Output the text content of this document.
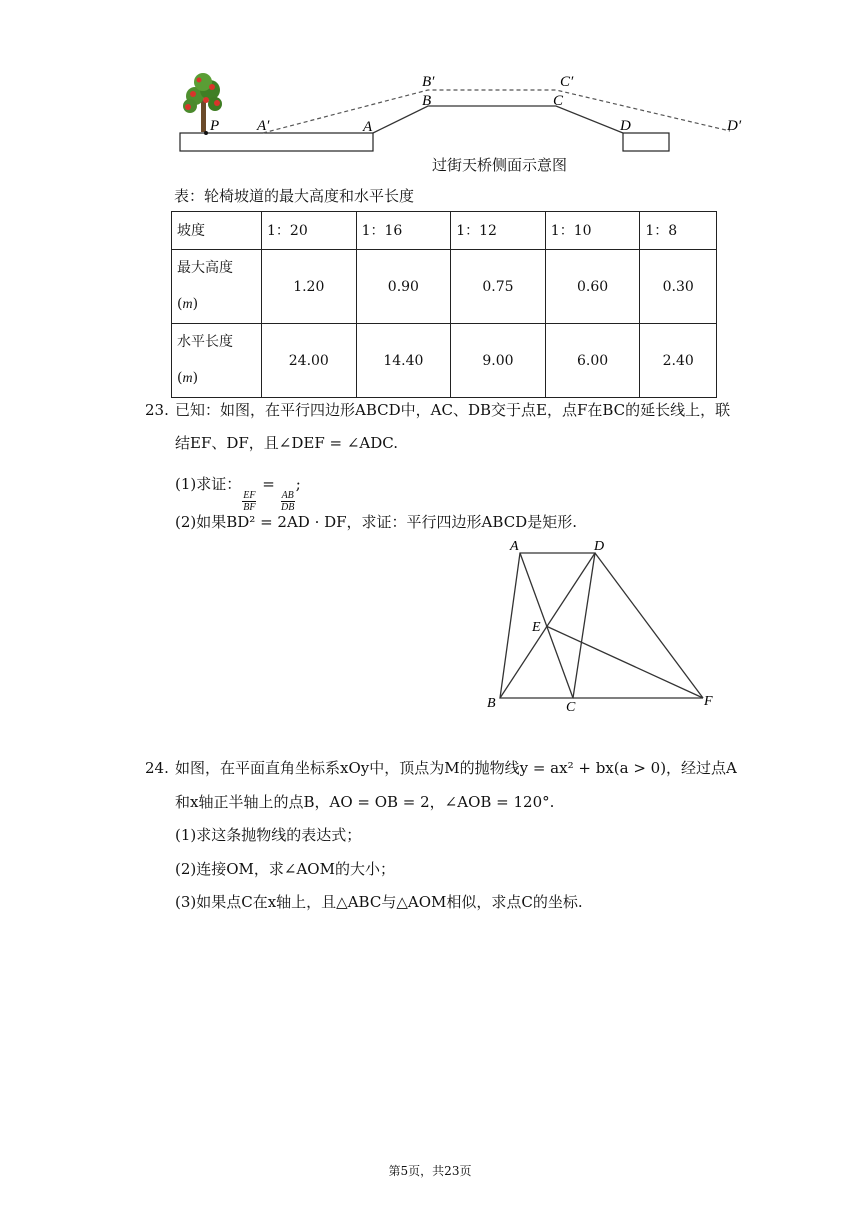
P	A′	A
B′
B
C′
C
D	D′
过街天桥侧面示意图
表：轮椅坡道的最大高度和水平长度
坡度	1：20	1：16	1：12	1：10	1：8

最大高度
(m)	1.20	0.90	0.75	0.60	0.30

水平长度
(m)	24.00	14.40	9.00	6.00	2.40
23. 已知：如图，在平行四边形ABCD中，AC、DB交于点E，点F在BC的延长线上，联
结EF、DF，且∠DEF = ∠ADC.
(1)求证：
$\frac{EF}{BF}$
=
$\frac{AB}{DB}$
;
(2)如果BD² = 2AD · DF，求证：平行四边形ABCD是矩形.
A	D
E
B	C	F
24. 如图，在平面直角坐标系xOy中，顶点为M的抛物线y = ax² + bx(a > 0)，经过点A
和x轴正半轴上的点B，AO = OB = 2，∠AOB = 120°.
(1)求这条抛物线的表达式；
(2)连接OM，求∠AOM的大小；
(3)如果点C在x轴上，且△ABC与△AOM相似，求点C的坐标.
第5页，共23页
